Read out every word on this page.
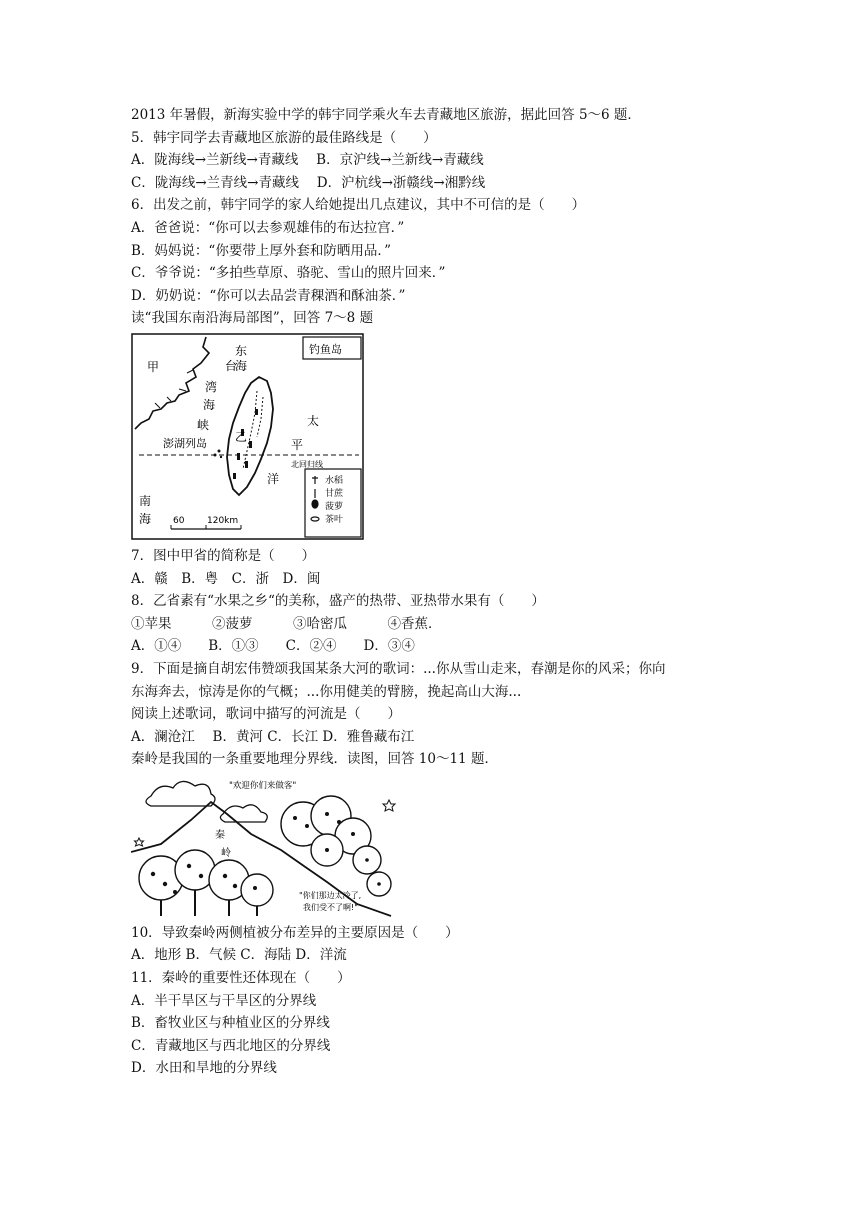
2013 年暑假，新海实验中学的韩宇同学乘火车去青藏地区旅游，据此回答 5～6 题．
5．韩宇同学去青藏地区旅游的最佳路线是（　　）
A．陇海线→兰新线→青藏线　 B．京沪线→兰新线→青藏线
C．陇海线→兰青线→青藏线　 D．沪杭线→浙赣线→湘黔线
6．出发之前，韩宇同学的家人给她提出几点建议，其中不可信的是（　　）
A．爸爸说：“你可以去参观雄伟的布达拉宫．”
B．妈妈说：“你要带上厚外套和防晒用品．”
C．爷爷说：“多拍些草原、骆驼、雪山的照片回来．”
D．奶奶说：“你可以去品尝青稞酒和酥油茶．”
读“我国东南沿海局部图”，回答 7～8 题
甲
东
海
台
湾
海
峡
钓鱼岛
太
平
洋
乙
澎湖列岛
北回归线
南
海 60	120km
水稻
甘蔗
菠萝
茶叶
7．图中甲省的简称是（　　）
A．赣　B．粤　C．浙　D．闽
8．乙省素有“水果之乡“的美称，盛产的热带、亚热带水果有（　　）
①苹果　　　②菠萝　　　③哈密瓜　　　④香蕉．
A．①④　　B．①③　　C．②④　　D．③④
9．下面是摘自胡宏伟赞颂我国某条大河的歌词：...你从雪山走来，春潮是你的风采；你向
东海奔去，惊涛是你的气概；...你用健美的臂膀，挽起高山大海...
阅读上述歌词，歌词中描写的河流是（　　）
A．澜沧江　 B．黄河 C．长江 D．雅鲁藏布江
秦岭是我国的一条重要地理分界线．读图，回答 10～11 题．
"欢迎你们来做客"
秦
岭
"你们那边太冷了,
我们受不了啊!"
10．导致秦岭两侧植被分布差异的主要原因是（　　）
A．地形 B．气候 C．海陆 D．洋流
11．秦岭的重要性还体现在（　　）
A．半干旱区与干旱区的分界线
B．畜牧业区与种植业区的分界线
C．青藏地区与西北地区的分界线
D．水田和旱地的分界线
